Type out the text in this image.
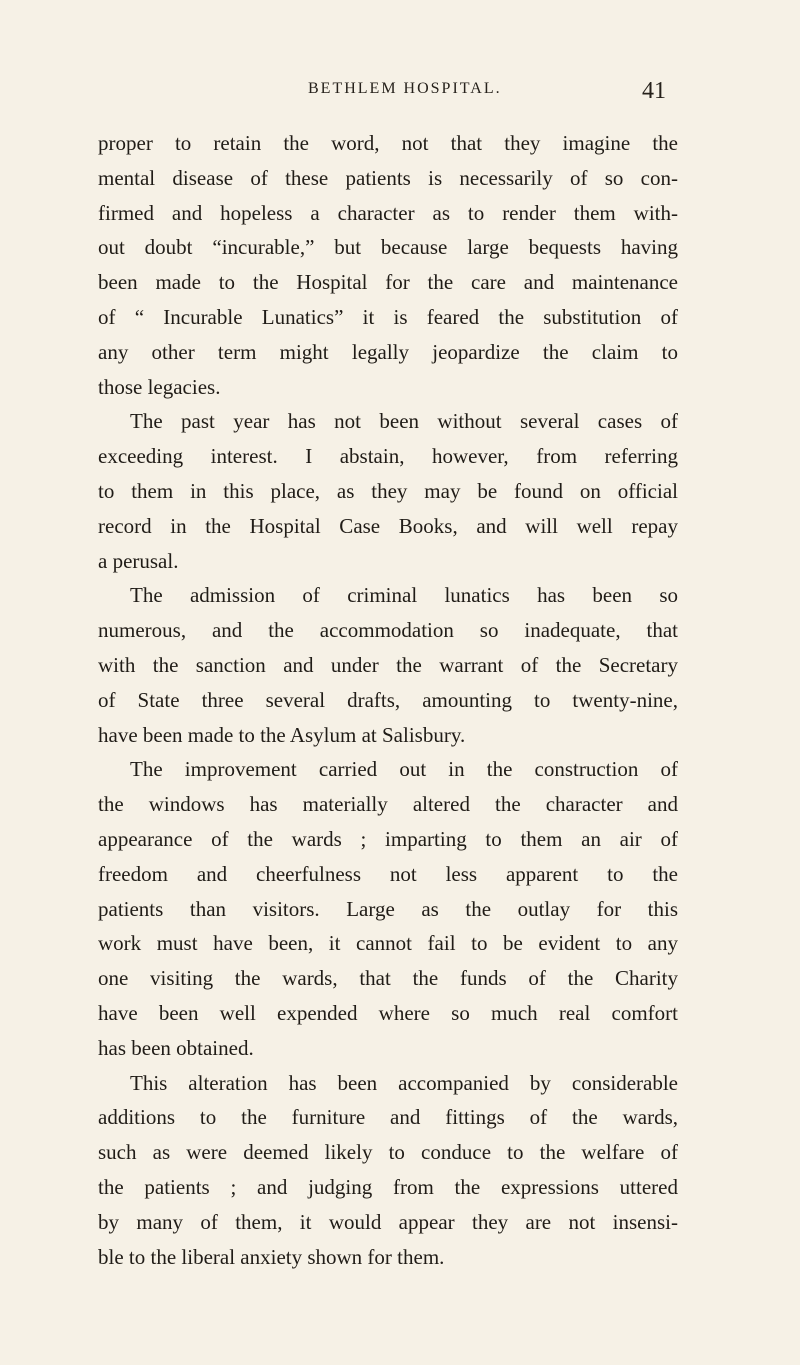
BETHLEM HOSPITAL.	41

proper to retain the word, not that they imagine the
mental disease of these patients is necessarily of so con-
firmed and hopeless a character as to render them with-
out doubt “incurable,” but because large bequests having
been made to the Hospital for the care and maintenance
of “ Incurable Lunatics” it is feared the substitution of
any other term might legally jeopardize the claim to
those legacies.

The past year has not been without several cases of
exceeding interest. I abstain, however, from referring
to them in this place, as they may be found on official
record in the Hospital Case Books, and will well repay
a perusal.

The admission of criminal lunatics has been so
numerous, and the accommodation so inadequate, that
with the sanction and under the warrant of the Secretary
of State three several drafts, amounting to twenty-nine,
have been made to the Asylum at Salisbury.

The improvement carried out in the construction of
the windows has materially altered the character and
appearance of the wards ; imparting to them an air of
freedom and cheerfulness not less apparent to the
patients than visitors. Large as the outlay for this
work must have been, it cannot fail to be evident to any
one visiting the wards, that the funds of the Charity
have been well expended where so much real comfort
has been obtained.

This alteration has been accompanied by considerable
additions to the furniture and fittings of the wards,
such as were deemed likely to conduce to the welfare of
the patients ; and judging from the expressions uttered
by many of them, it would appear they are not insensi-
ble to the liberal anxiety shown for them.
